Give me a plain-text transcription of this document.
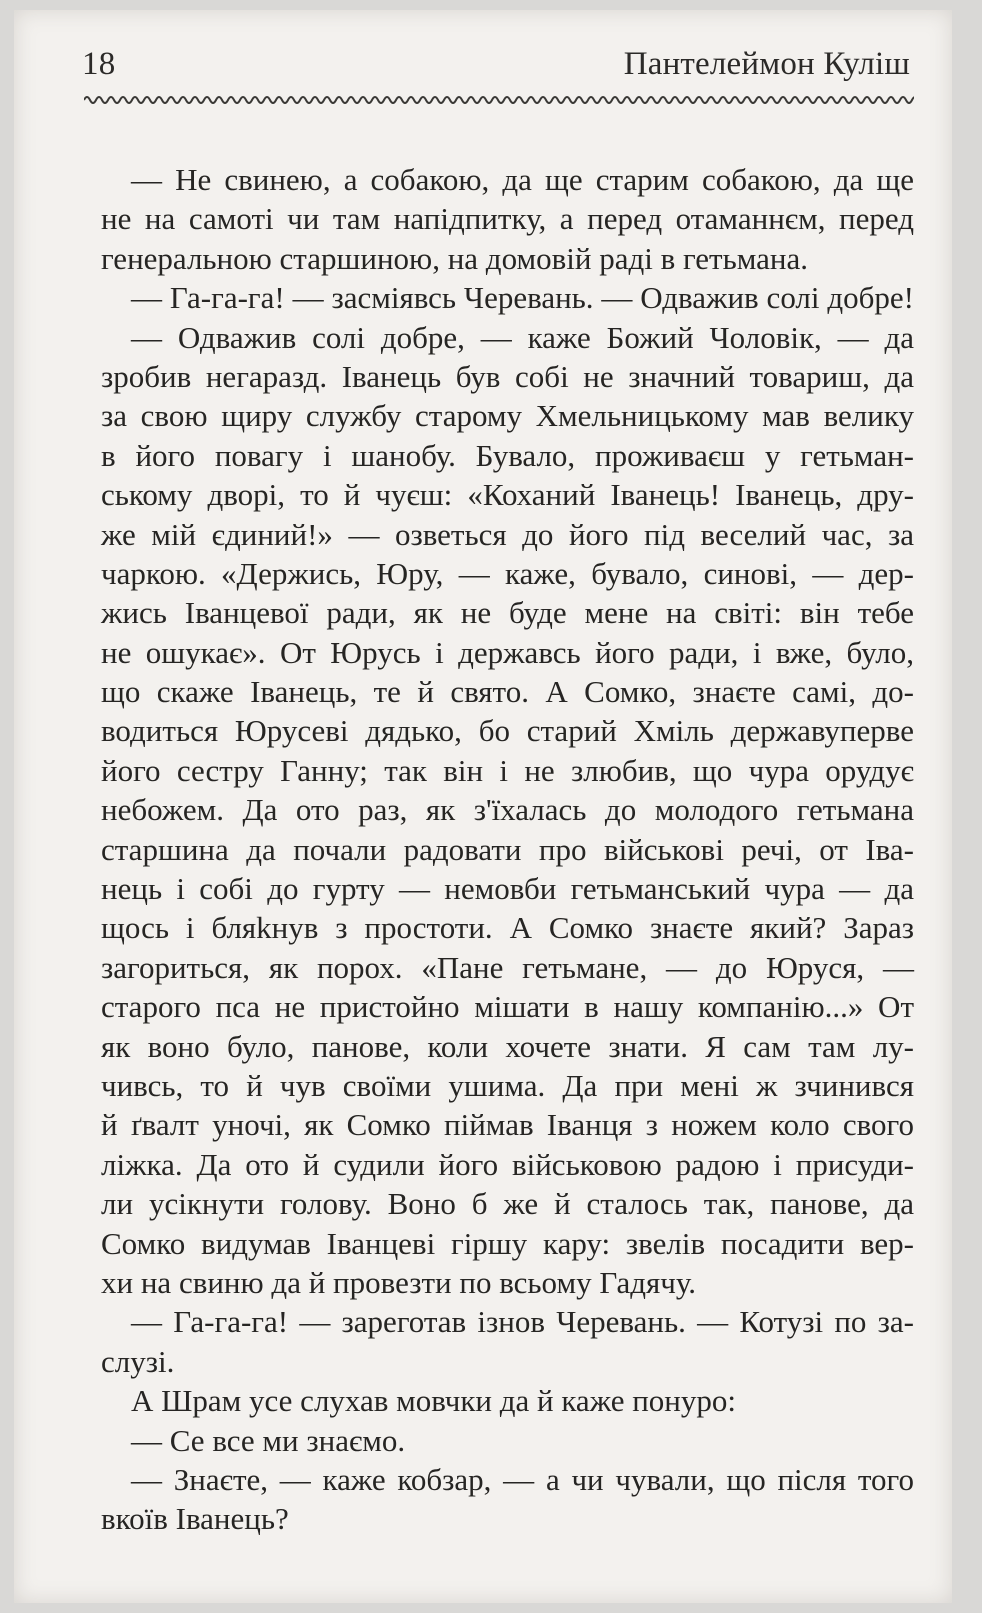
18	Пантелеймон Куліш
— Не свинею, а собакою, да ще старим собакою, да ще
не на самоті чи там напідпитку, а перед отаманнєм, перед
генеральною старшиною, на домовій раді в гетьмана.
— Га-га-га! — засміявсь Черевань. — Одважив солі добре!
— Одважив солі добре, — каже Божий Чоловік, — да
зробив негаразд. Іванець був собі не значний товариш, да
за свою щиру службу старому Хмельницькому мав велику
в його повагу і шанобу. Бувало, проживаєш у гетьман-
ському дворі, то й чуєш: «Коханий Іванець! Іванець, дру-
же мій єдиний!» — озветься до його під веселий час, за
чаркою. «Держись, Юру, — каже, бувало, синові, — дер-
жись Іванцевої ради, як не буде мене на світі: він тебе
не ошукає». От Юрусь і державсь його ради, і вже, було,
що скаже Іванець, те й свято. А Сомко, знаєте самі, до-
водиться Юрусеві дядько, бо старий Хміль державуперве
його сестру Ганну; так він і не злюбив, що чура орудує
небожем. Да ото раз, як з'їхалась до молодого гетьмана
старшина да почали радовати про військові речі, от Іва-
нець і собі до гурту — немовби гетьманський чура — да
щось і бляkнув з простоти. А Сомко знаєте який? Зараз
загориться, як порох. «Пане гетьмане, — до Юруся, —
старого пса не пристойно мішати в нашу компанію...» От
як воно було, панове, коли хочете знати. Я сам там лу-
чивсь, то й чув своїми ушима. Да при мені ж зчинився
й ґвалт уночі, як Сомко піймав Іванця з ножем коло свого
ліжка. Да ото й судили його військовою радою і присуди-
ли усікнути голову. Воно б же й сталось так, панове, да
Сомко видумав Іванцеві гіршу кару: звелів посадити вер-
хи на свиню да й провезти по всьому Гадячу.
— Га-га-га! — зареготав ізнов Черевань. — Котузі по за-
слузі.
А Шрам усе слухав мовчки да й каже понуро:
— Се все ми знаємо.
— Знаєте, — каже кобзар, — а чи чували, що після того
вкоїв Іванець?
